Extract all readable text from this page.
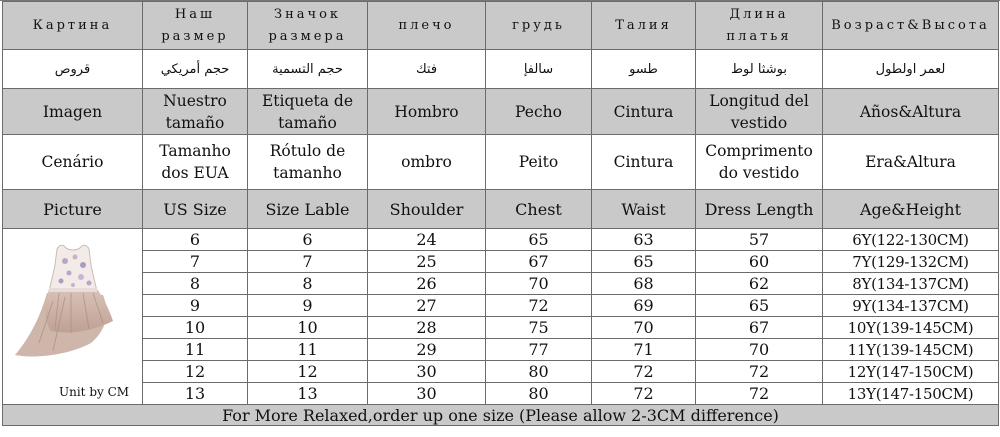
Картина	Наш размер	Значок размера	плечо	грудь	Талия	Длина платья	Возраст&Высота
قروص	حجم أمريكي	حجم التسمية	فتك	سالفإ	طسو	بوشثا لوط	لعمر اولطول
Imagen	Nuestro tamaño	Etiqueta de tamaño	Hombro	Pecho	Cintura	Longitud del vestido	Años&Altura
Cenário	Tamanho dos EUA	Rótulo de tamanho	ombro	Peito	Cintura	Comprimento do vestido	Era&Altura
Picture	US Size	Size Lable	Shoulder	Chest	Waist	Dress Length	Age&Height

Unit by CM	6	6	24	65	63	57	6Y(122-130CM)
	7	7	25	67	65	60	7Y(129-132CM)
	8	8	26	70	68	62	8Y(134-137CM)
	9	9	27	72	69	65	9Y(134-137CM)
	10	10	28	75	70	67	10Y(139-145CM)
	11	11	29	77	71	70	11Y(139-145CM)
	12	12	30	80	72	72	12Y(147-150CM)
	13	13	30	80	72	72	13Y(147-150CM)
For More Relaxed,order up one size (Please allow 2-3CM difference)							
